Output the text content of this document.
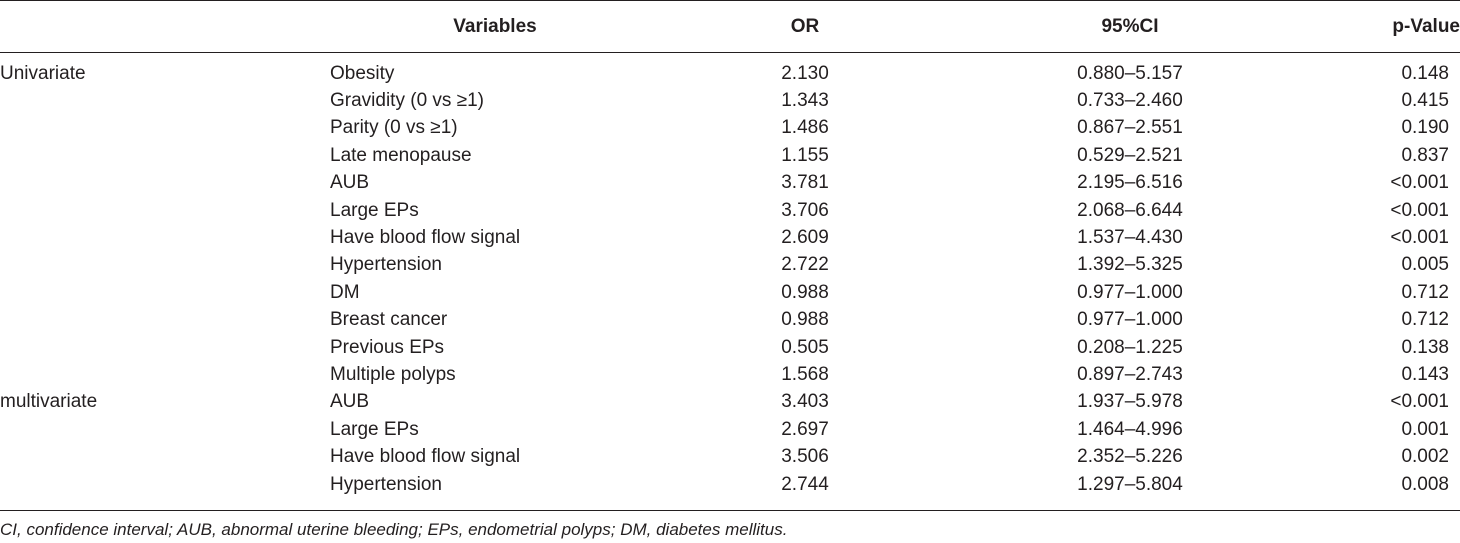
	Variables	OR	95%CI	p-Value
Univariate	Obesity	2.130	0.880–5.157	0.148
	Gravidity (0 vs ≥1)	1.343	0.733–2.460	0.415
	Parity (0 vs ≥1)	1.486	0.867–2.551	0.190
	Late menopause	1.155	0.529–2.521	0.837
	AUB	3.781	2.195–6.516	<0.001
	Large EPs	3.706	2.068–6.644	<0.001
	Have blood flow signal	2.609	1.537–4.430	<0.001
	Hypertension	2.722	1.392–5.325	0.005
	DM	0.988	0.977–1.000	0.712
	Breast cancer	0.988	0.977–1.000	0.712
	Previous EPs	0.505	0.208–1.225	0.138
	Multiple polyps	1.568	0.897–2.743	0.143
multivariate	AUB	3.403	1.937–5.978	<0.001
	Large EPs	2.697	1.464–4.996	0.001
	Have blood flow signal	3.506	2.352–5.226	0.002
	Hypertension	2.744	1.297–5.804	0.008
CI, confidence interval; AUB, abnormal uterine bleeding; EPs, endometrial polyps; DM, diabetes mellitus.
